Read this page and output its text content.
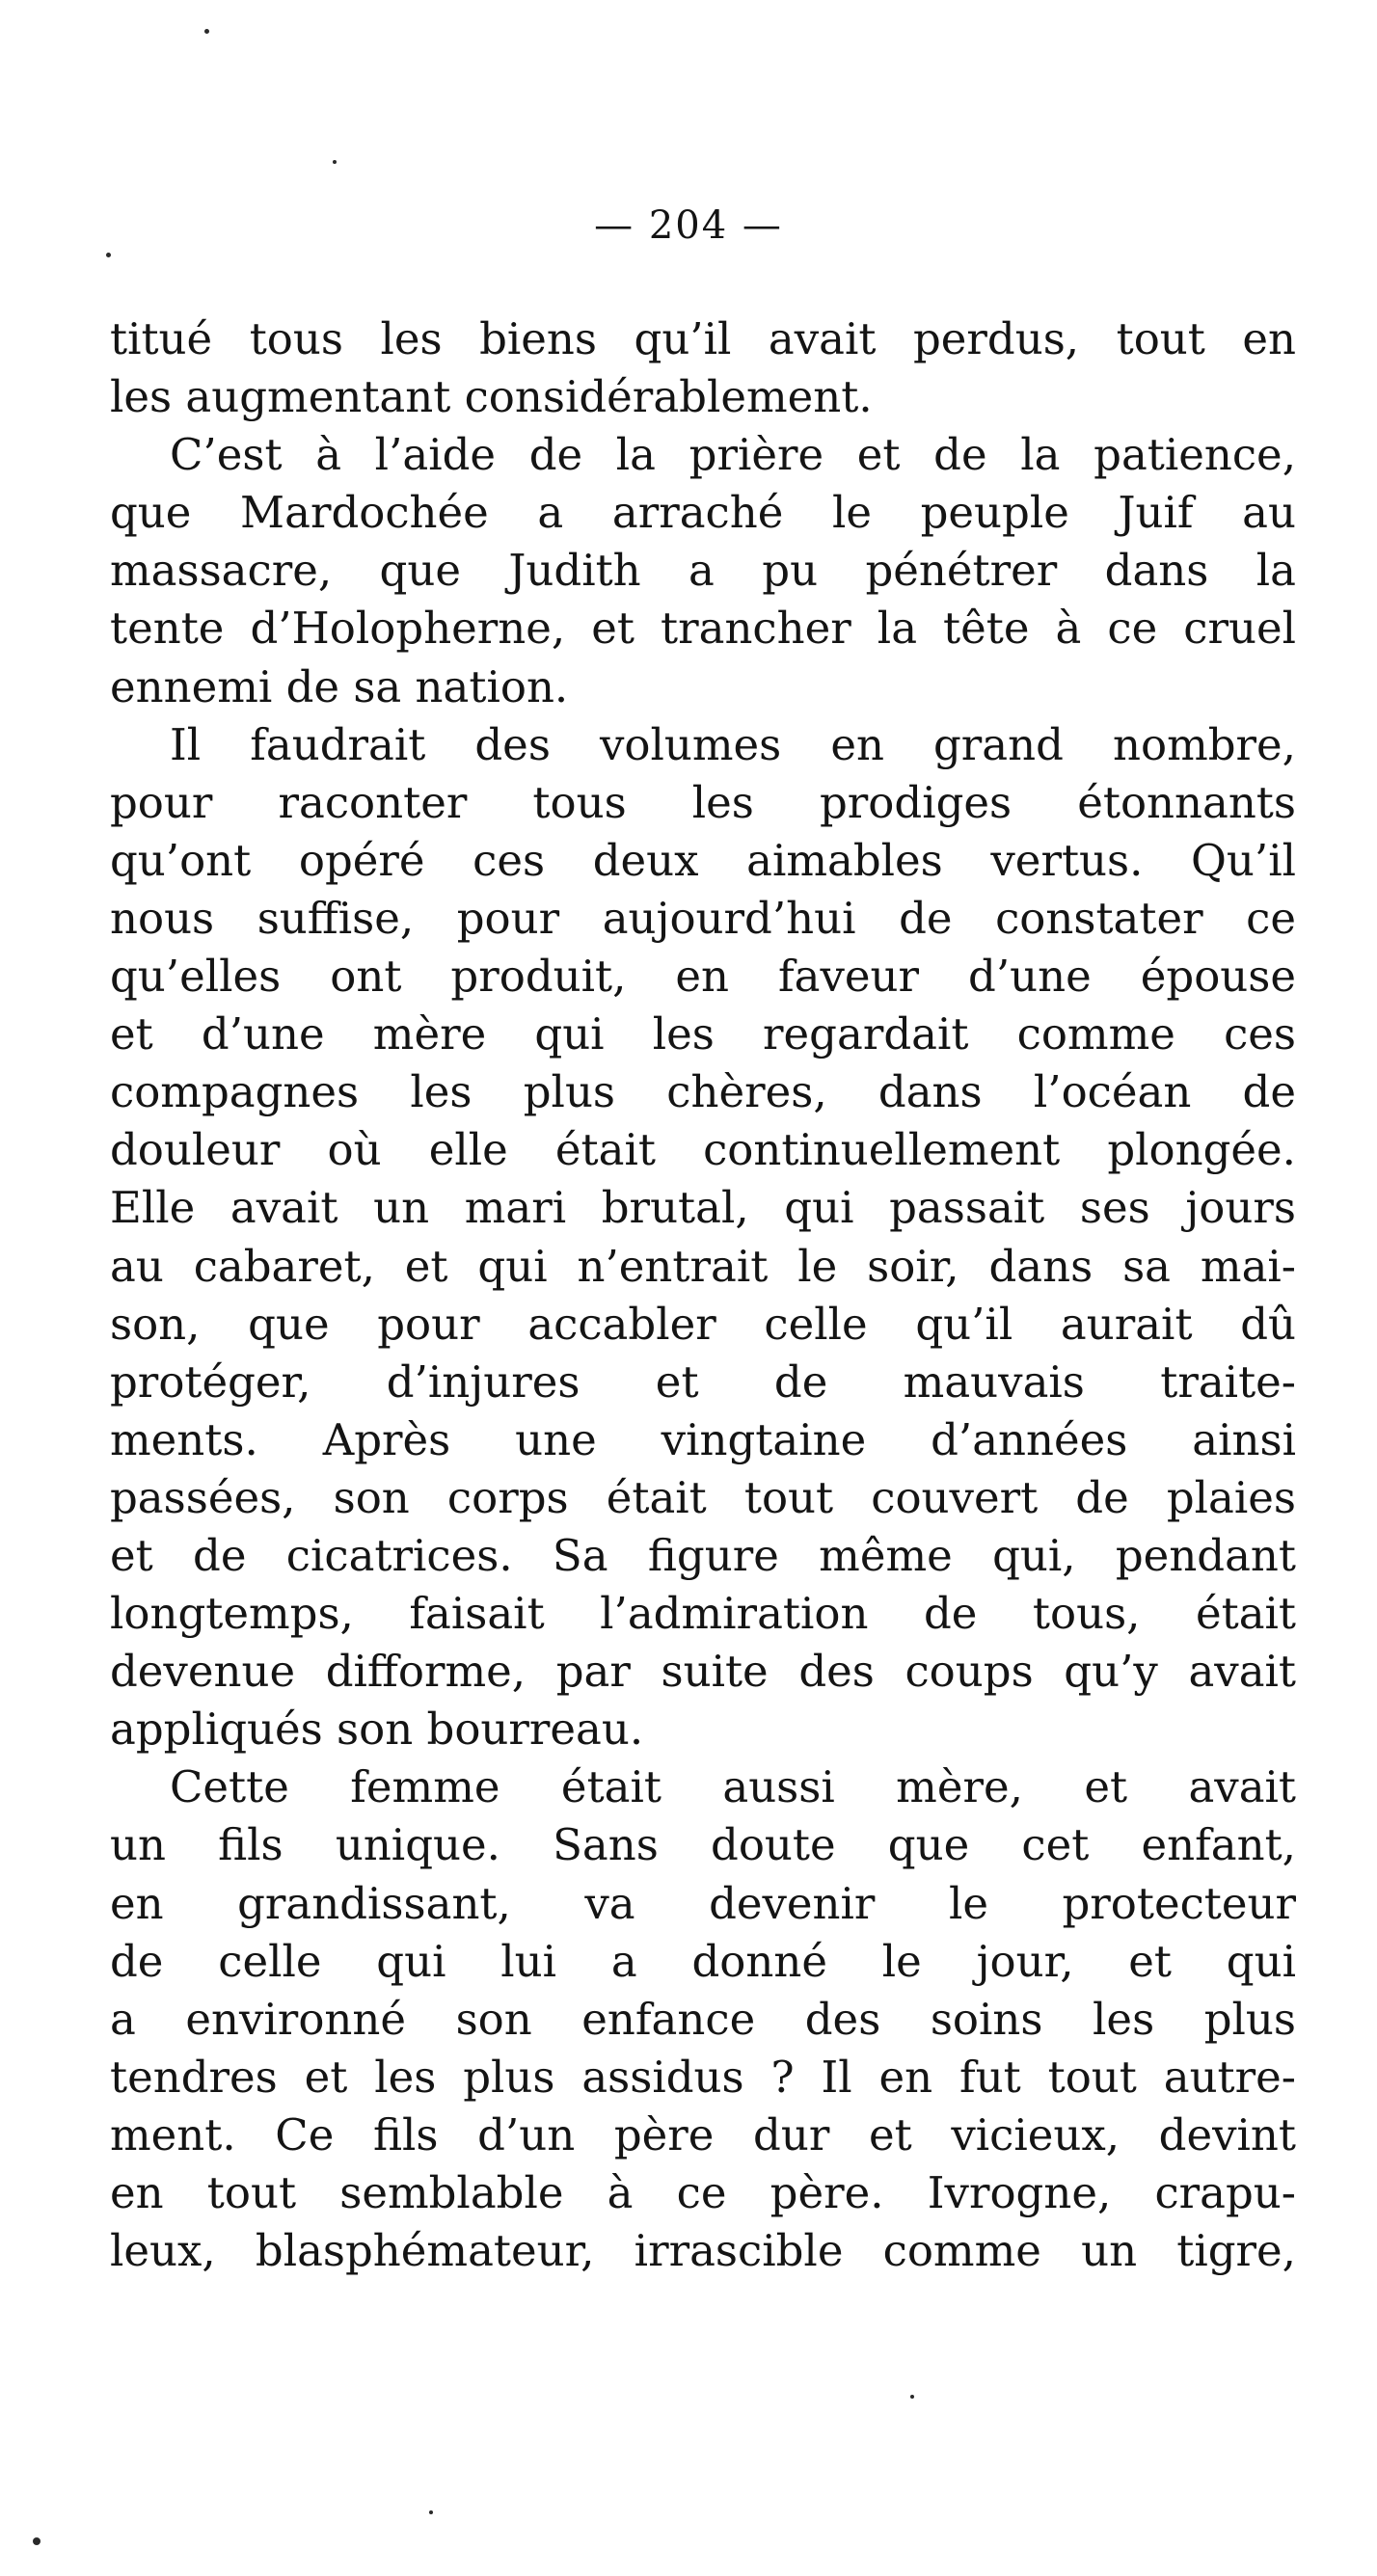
— 204 —
titué tous les biens qu’il avait perdus, tout en
les augmentant considérablement.
C’est à l’aide de la prière et de la patience,
que Mardochée a arraché le peuple Juif au
massacre, que Judith a pu pénétrer dans la
tente d’Holopherne, et trancher la tête à ce cruel
ennemi de sa nation.
Il faudrait des volumes en grand nombre,
pour raconter tous les prodiges étonnants
qu’ont opéré ces deux aimables vertus. Qu’il
nous suffise, pour aujourd’hui de constater ce
qu’elles ont produit, en faveur d’une épouse
et d’une mère qui les regardait comme ces
compagnes les plus chères, dans l’océan de
douleur où elle était continuellement plongée.
Elle avait un mari brutal, qui passait ses jours
au cabaret, et qui n’entrait le soir, dans sa mai-
son, que pour accabler celle qu’il aurait dû
protéger, d’injures et de mauvais traite-
ments. Après une vingtaine d’années ainsi
passées, son corps était tout couvert de plaies
et de cicatrices. Sa figure même qui, pendant
longtemps, faisait l’admiration de tous, était
devenue difforme, par suite des coups qu’y avait
appliqués son bourreau.
Cette femme était aussi mère, et avait
un fils unique. Sans doute que cet enfant,
en grandissant, va devenir le protecteur
de celle qui lui a donné le jour, et qui
a environné son enfance des soins les plus
tendres et les plus assidus ? Il en fut tout autre-
ment. Ce fils d’un père dur et vicieux, devint
en tout semblable à ce père. Ivrogne, crapu-
leux, blasphémateur, irrascible comme un tigre,
